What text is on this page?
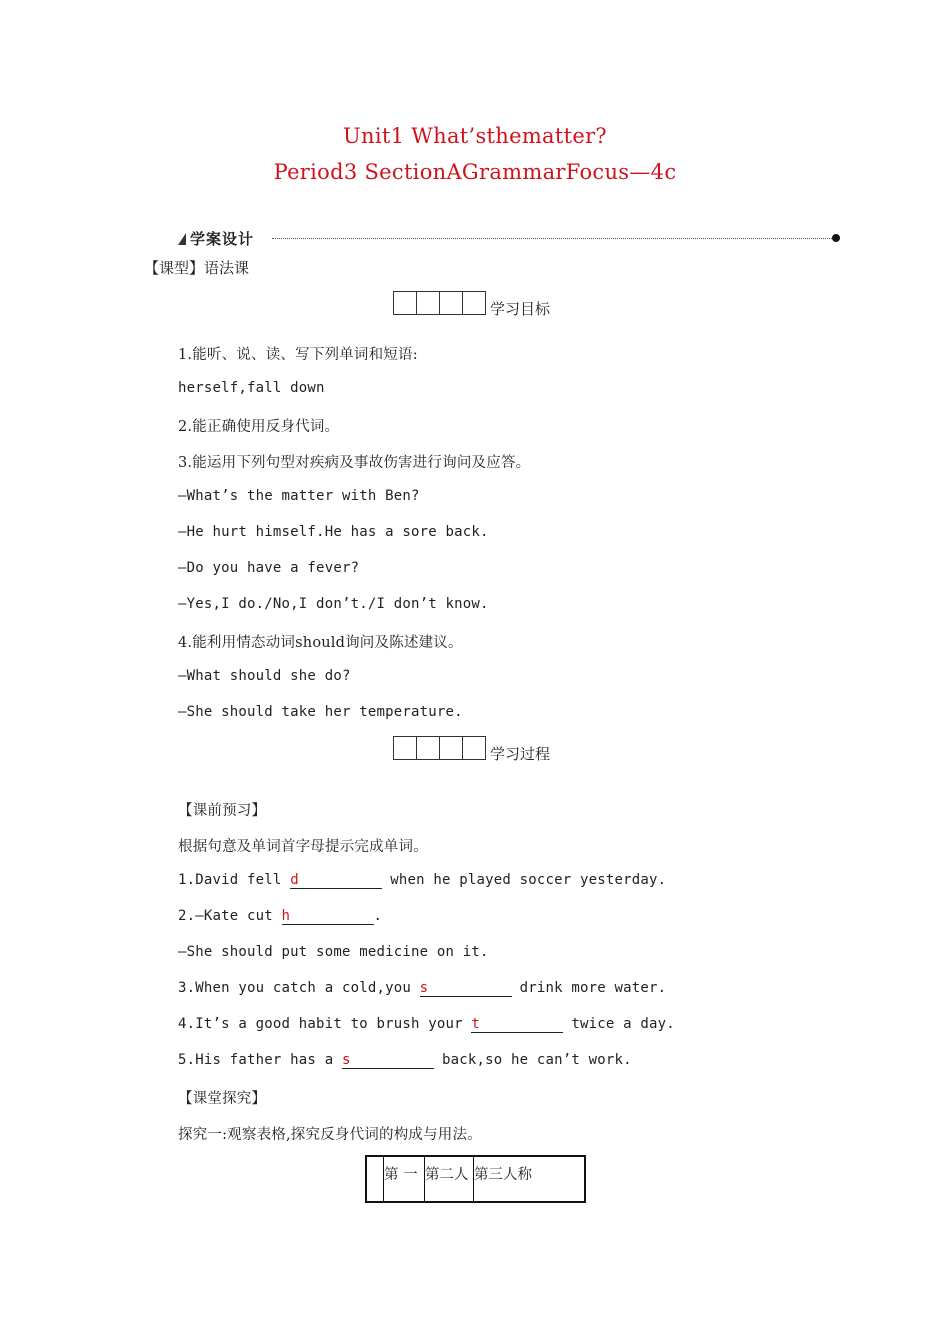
Unit1 What’sthematter?
Period3 SectionAGrammarFocus—4c
学案设计
【课型】语法课
学习目标
1.能听、说、读、写下列单词和短语:
herself,fall down
2.能正确使用反身代词。
3.能运用下列句型对疾病及事故伤害进行询问及应答。
—What’s the matter with Ben?
—He hurt himself.He has a sore back.
—Do you have a fever?
—Yes,I do./No,I don’t./I don’t know.
4.能利用情态动词should询问及陈述建议。
—What should she do?
—She should take her temperature.
学习过程
【课前预习】
根据句意及单词首字母提示完成单词。
1.David fell d	when he played soccer yesterday.
2.—Kate cut h	.
—She should put some medicine on it.
3.When you catch a cold,you s	drink more water.
4.It’s a good habit to brush your t	twice a day.
5.His father has a s	back,so he can’t work.
【课堂探究】
探究一:观察表格,探究反身代词的构成与用法。
	第 一	第二人	第三人称
